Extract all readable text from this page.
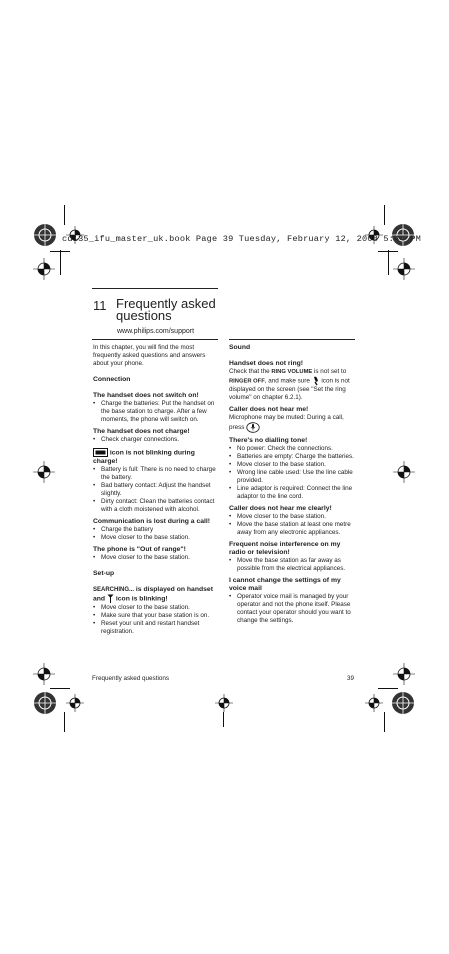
cd135_ifu_master_uk.book Page 39 Tuesday, February 12, 2008 5:44 PM
11 Frequently asked questions
www.philips.com/support

In this chapter, you will find the most frequently asked questions and answers about your phone.

Connection

The handset does not switch on!

• Charge the batteries: Put the handset on the base station to charge. After a few moments, the phone will switch on.

The handset does not charge!

• Check charger connections.

icon is not blinking during charge!

• Battery is full: There is no need to charge the battery.
• Bad battery contact: Adjust the handset slightly.
• Dirty contact: Clean the batteries contact with a cloth moistened with alcohol.

Communication is lost during a call!

• Charge the battery
• Move closer to the base station.

The phone is "Out of range"!

• Move closer to the base station.

Set-up

SEARCHING... is displayed on handset and  icon is blinking!

• Move closer to the base station.
• Make sure that your base station is on.
• Reset your unit and restart handset registration.

Sound

Handset does not ring!

Check that the RING VOLUME is not set to RINGER OFF, and make sure  icon is not displayed on the screen (see "Set the ring volume" on chapter 6.2.1).

Caller does not hear me!

Microphone may be muted: During a call, press

There's no dialling tone!

• No power: Check the connections.
• Batteries are empty: Charge the batteries.
• Move closer to the base station.
• Wrong line cable used: Use the line cable provided.
• Line adaptor is required: Connect the line adaptor to the line cord.

Caller does not hear me clearly!

• Move closer to the base station.
• Move the base station at least one metre away from any electronic appliances.

Frequent noise interference on my radio or television!

• Move the base station as far away as possible from the electrical appliances.

I cannot change the settings of my voice mail

• Operator voice mail is managed by your operator and not the phone itself. Please contact your operator should you want to change the settings.
Frequently asked questions	39
